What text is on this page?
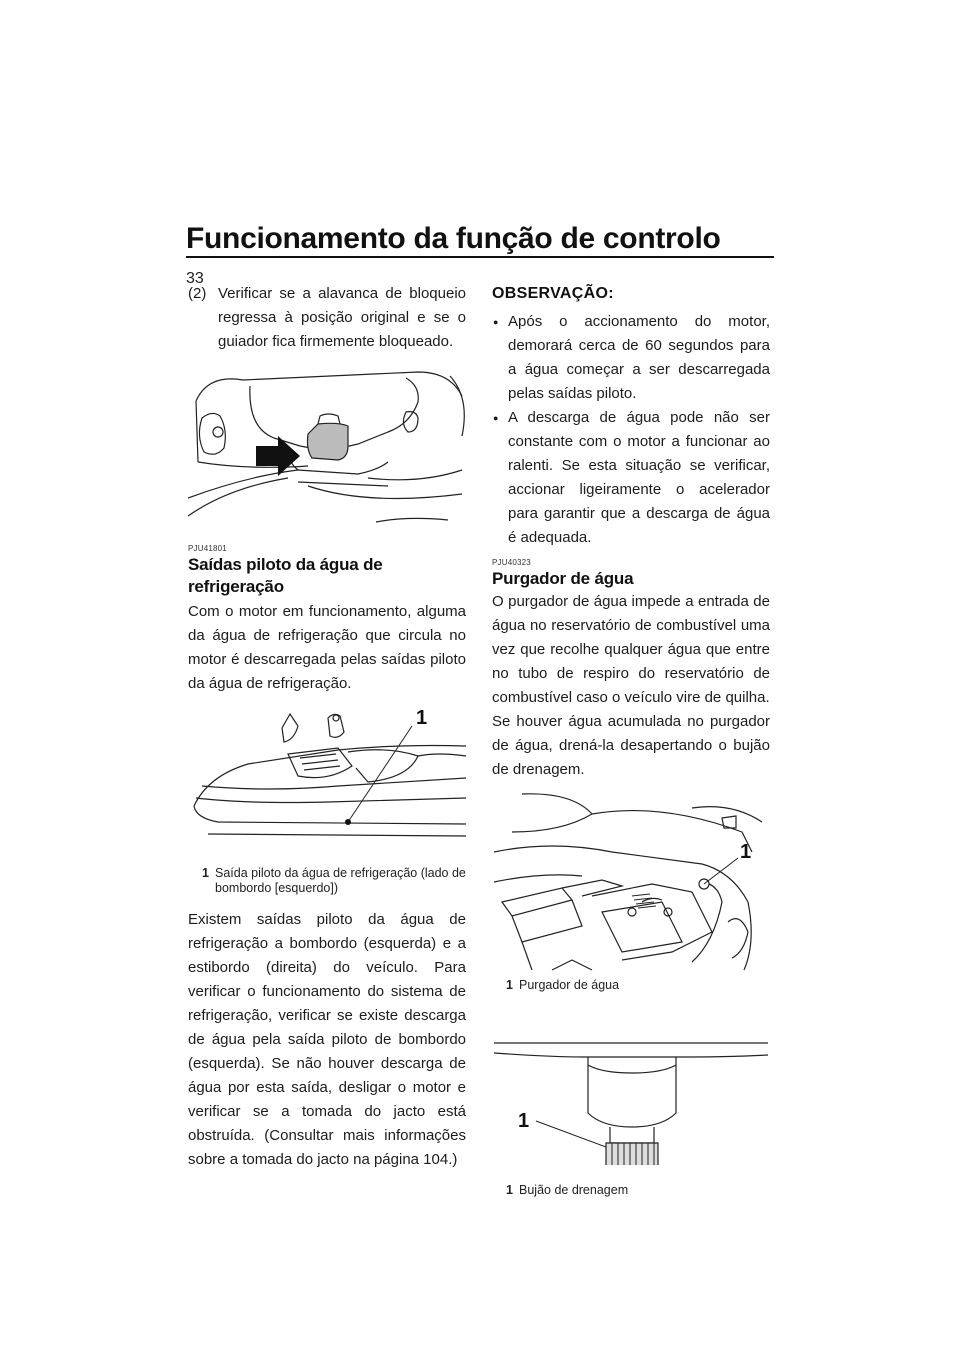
Funcionamento da função de controlo
33
(2) Verificar se a alavanca de bloqueio regressa à posição original e se o guiador fica firmemente bloqueado.
PJU41801
Saídas piloto da água de refrigeração
Com o motor em funcionamento, alguma da água de refrigeração que circula no motor é descarregada pelas saídas piloto da água de refrigeração.
1
1 Saída piloto da água de refrigeração (lado de bombordo [esquerdo])
Existem saídas piloto da água de refrigeração a bombordo (esquerda) e a estibordo (direita) do veículo. Para verificar o funcionamento do sistema de refrigeração, verificar se existe descarga de água pela saída piloto de bombordo (esquerda). Se não houver descarga de água por esta saída, desligar o motor e verificar se a tomada do jacto está obstruída. (Consultar mais informações sobre a tomada do jacto na página 104.)
OBSERVAÇÃO:
● Após o accionamento do motor, demorará cerca de 60 segundos para a água começar a ser descarregada pelas saídas piloto.
● A descarga de água pode não ser constante com o motor a funcionar ao ralenti. Se esta situação se verificar, accionar ligeiramente o acelerador para garantir que a descarga de água é adequada.
PJU40323
Purgador de água
O purgador de água impede a entrada de água no reservatório de combustível uma vez que recolhe qualquer água que entre no tubo de respiro do reservatório de combustível caso o veículo vire de quilha.
Se houver água acumulada no purgador de água, drená-la desapertando o bujão de drenagem.
1
1 Purgador de água
1
1 Bujão de drenagem
